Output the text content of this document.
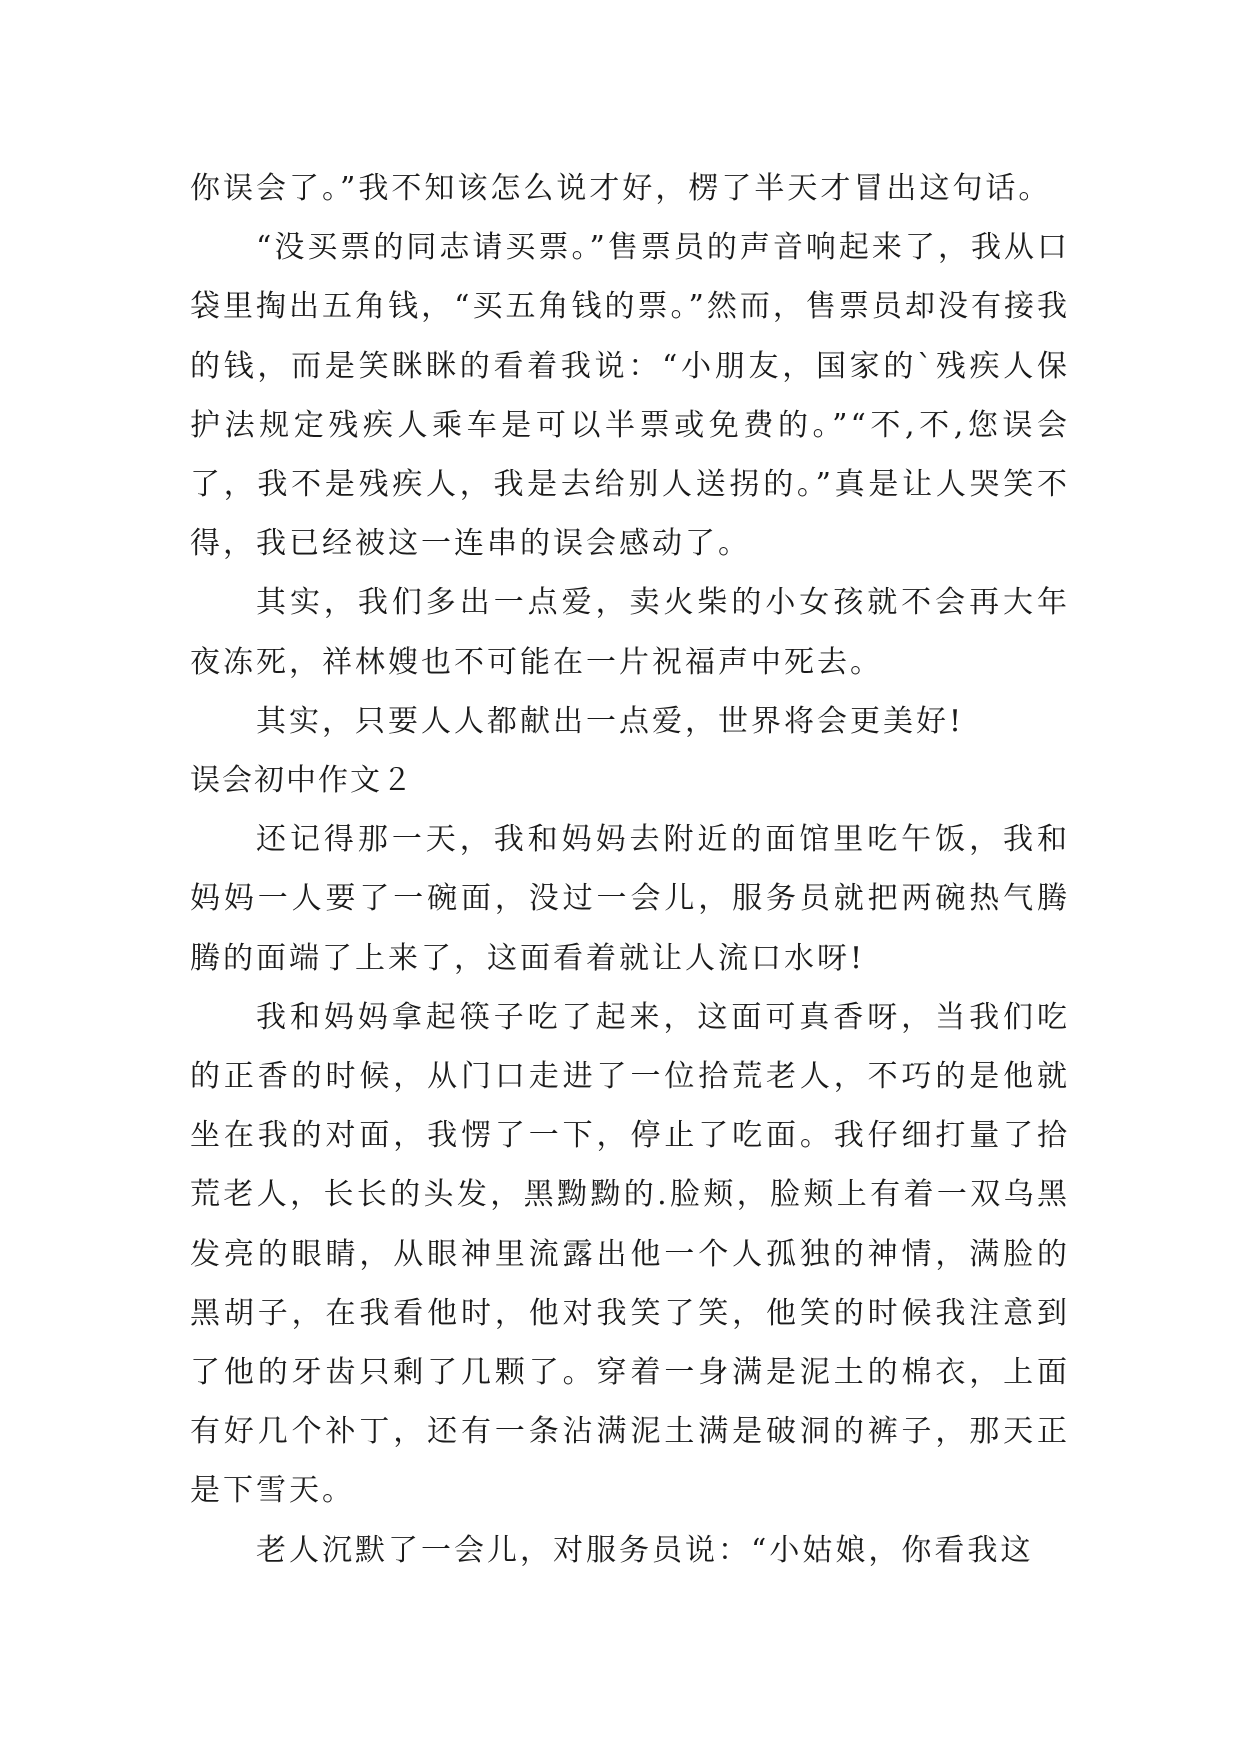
你误会了。”我不知该怎么说才好，楞了半天才冒出这句话。

“没买票的同志请买票。”售票员的声音响起来了，我从口袋里掏出五角钱，“买五角钱的票。”然而，售票员却没有接我的钱，而是笑眯眯的看着我说：“小朋友，国家的`残疾人保护法规定残疾人乘车是可以半票或免费的。”“不,不,您误会了，我不是残疾人，我是去给别人送拐的。”真是让人哭笑不得，我已经被这一连串的误会感动了。

其实，我们多出一点爱，卖火柴的小女孩就不会再大年夜冻死，祥林嫂也不可能在一片祝福声中死去。

其实，只要人人都献出一点爱，世界将会更美好!

误会初中作文２

还记得那一天，我和妈妈去附近的面馆里吃午饭，我和妈妈一人要了一碗面，没过一会儿，服务员就把两碗热气腾腾的面端了上来了，这面看着就让人流口水呀!

我和妈妈拿起筷子吃了起来，这面可真香呀，当我们吃的正香的时候，从门口走进了一位拾荒老人，不巧的是他就坐在我的对面，我愣了一下，停止了吃面。我仔细打量了拾荒老人，长长的头发，黑黝黝的.脸颊，脸颊上有着一双乌黑发亮的眼睛，从眼神里流露出他一个人孤独的神情，满脸的黑胡子，在我看他时，他对我笑了笑，他笑的时候我注意到了他的牙齿只剩了几颗了。穿着一身满是泥土的棉衣，上面有好几个补丁，还有一条沾满泥土满是破洞的裤子，那天正是下雪天。

老人沉默了一会儿，对服务员说：“小姑娘，你看我这
